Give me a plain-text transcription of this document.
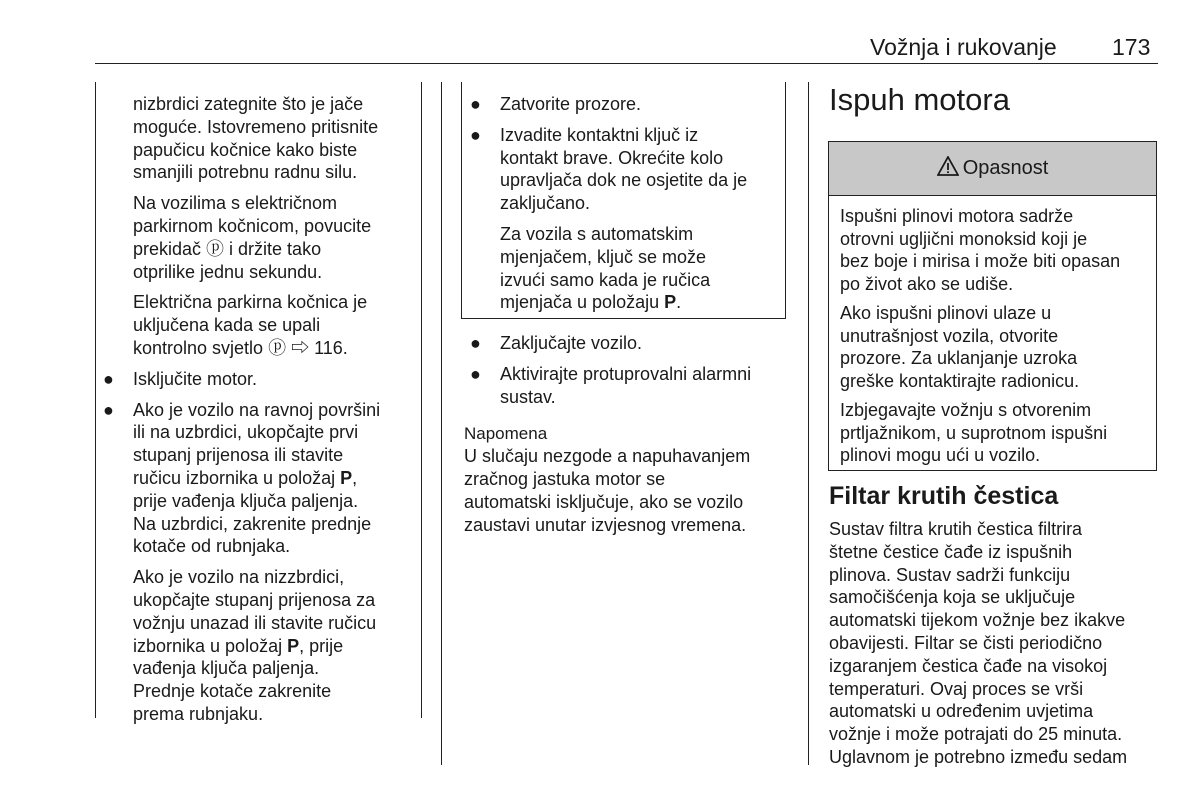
Vožnja i rukovanje 173

nizbrdici zategnite što je jače
moguće. Istovremeno pritisnite
papučicu kočnice kako biste
smanjili potrebnu radnu silu.

Na vozilima s električnom
parkirnom kočnicom, povucite
prekidač ⓟ i držite tako
otprilike jednu sekundu.

Električna parkirna kočnica je
uključena kada se upali
kontrolno svjetlo ⓟ ⇨ 116.

● Isključite motor.
● Ako je vozilo na ravnoj površini
ili na uzbrdici, ukopčajte prvi
stupanj prijenosa ili stavite
ručicu izbornika u položaj P,
prije vađenja ključa paljenja.
Na uzbrdici, zakrenite prednje
kotače od rubnjaka.

Ako je vozilo na nizzbrdici,
ukopčajte stupanj prijenosa za
vožnju unazad ili stavite ručicu
izbornika u položaj P, prije
vađenja ključa paljenja.
Prednje kotače zakrenite
prema rubnjaku.

● Zatvorite prozore.
● Izvadite kontaktni ključ iz
kontakt brave. Okrećite kolo
upravljača dok ne osjetite da je
zaključano.

Za vozila s automatskim
mjenjačem, ključ se može
izvući samo kada je ručica
mjenjača u položaju P.

● Zaključajte vozilo.
● Aktivirajte protuprovalni alarmni
sustav.
Napomena

U slučaju nezgode a napuhavanjem
zračnog jastuka motor se
automatski isključuje, ako se vozilo
zaustavi unutar izvjesnog vremena.

Ispuh motora
Opasnost

Ispušni plinovi motora sadrže
otrovni ugljični monoksid koji je
bez boje i mirisa i može biti opasan
po život ako se udiše.

Ako ispušni plinovi ulaze u
unutrašnjost vozila, otvorite
prozore. Za uklanjanje uzroka
greške kontaktirajte radionicu.

Izbjegavajte vožnju s otvorenim
prtljažnikom, u suprotnom ispušni
plinovi mogu ući u vozilo.

Filtar krutih čestica
Sustav filtra krutih čestica filtrira
štetne čestice čađe iz ispušnih
plinova. Sustav sadrži funkciju
samočišćenja koja se uključuje
automatski tijekom vožnje bez ikakve
obavijesti. Filtar se čisti periodično
izgaranjem čestica čađe na visokoj
temperaturi. Ovaj proces se vrši
automatski u određenim uvjetima
vožnje i može potrajati do 25 minuta.
Uglavnom je potrebno između sedam
